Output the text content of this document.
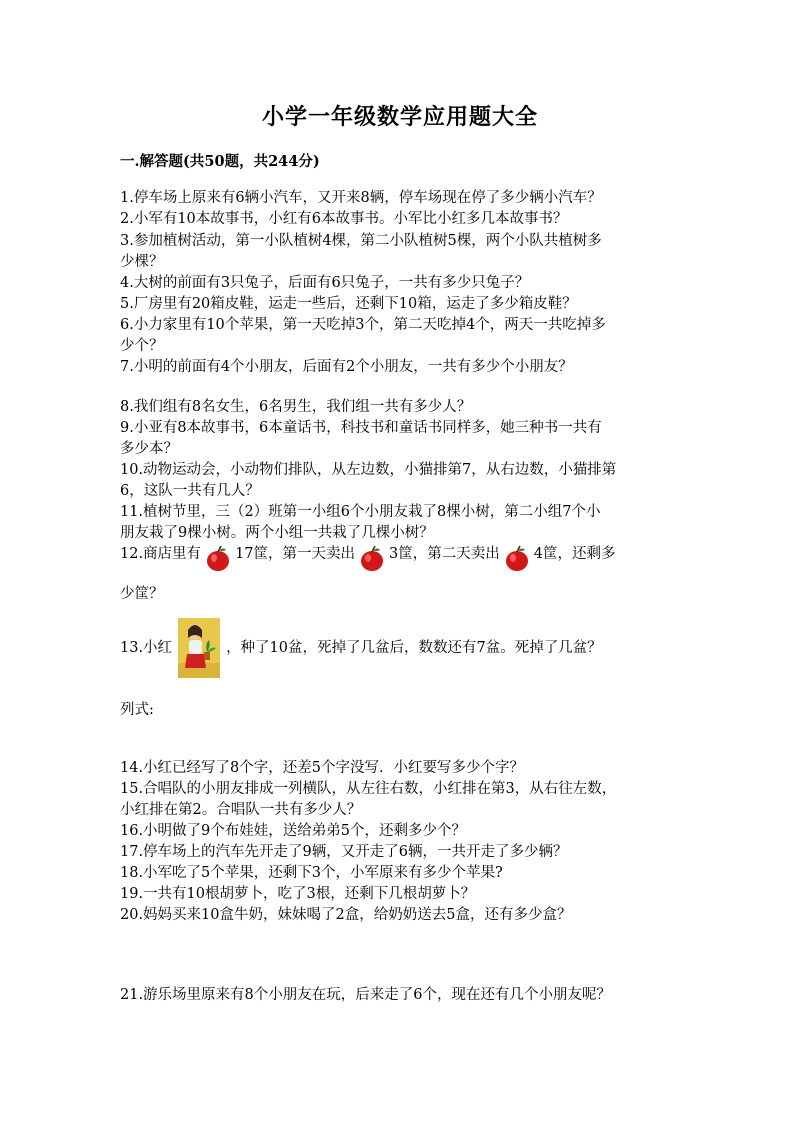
小学一年级数学应用题大全
一.解答题(共50题，共244分)
1.停车场上原来有6辆小汽车，又开来8辆，停车场现在停了多少辆小汽车？
2.小军有10本故事书，小红有6本故事书。小军比小红多几本故事书？
3.参加植树活动，第一小队植树4棵，第二小队植树5棵，两个小队共植树多
少棵？
4.大树的前面有3只兔子，后面有6只兔子，一共有多少只兔子？
5.厂房里有20箱皮鞋，运走一些后，还剩下10箱，运走了多少箱皮鞋？
6.小力家里有10个苹果，第一天吃掉3个，第二天吃掉4个，两天一共吃掉多
少个？
7.小明的前面有4个小朋友，后面有2个小朋友，一共有多少个小朋友？
8.我们组有8名女生，6名男生，我们组一共有多少人？
9.小亚有8本故事书，6本童话书，科技书和童话书同样多，她三种书一共有
多少本？
10.动物运动会，小动物们排队，从左边数，小猫排第7，从右边数，小猫排第
6，这队一共有几人？
11.植树节里，三（2）班第一小组6个小朋友栽了8棵小树，第二小组7个小
朋友栽了9棵小树。两个小组一共栽了几棵小树？
12.商店里有 17筐，第一天卖出 3筐，第二天卖出 4筐，还剩多
少筐？
13.小红	，种了10盆，死掉了几盆后，数数还有7盆。死掉了几盆？
列式:
14.小红已经写了8个字，还差5个字没写．小红要写多少个字？
15.合唱队的小朋友排成一列横队，从左往右数，小红排在第3，从右往左数，
小红排在第2。合唱队一共有多少人？
16.小明做了9个布娃娃，送给弟弟5个，还剩多少个？
17.停车场上的汽车先开走了9辆，又开走了6辆，一共开走了多少辆？
18.小军吃了5个苹果，还剩下3个，小军原来有多少个苹果?
19.一共有10根胡萝卜，吃了3根，还剩下几根胡萝卜？
20.妈妈买来10盒牛奶，妹妹喝了2盒，给奶奶送去5盒，还有多少盒？
21.游乐场里原来有8个小朋友在玩，后来走了6个，现在还有几个小朋友呢？
